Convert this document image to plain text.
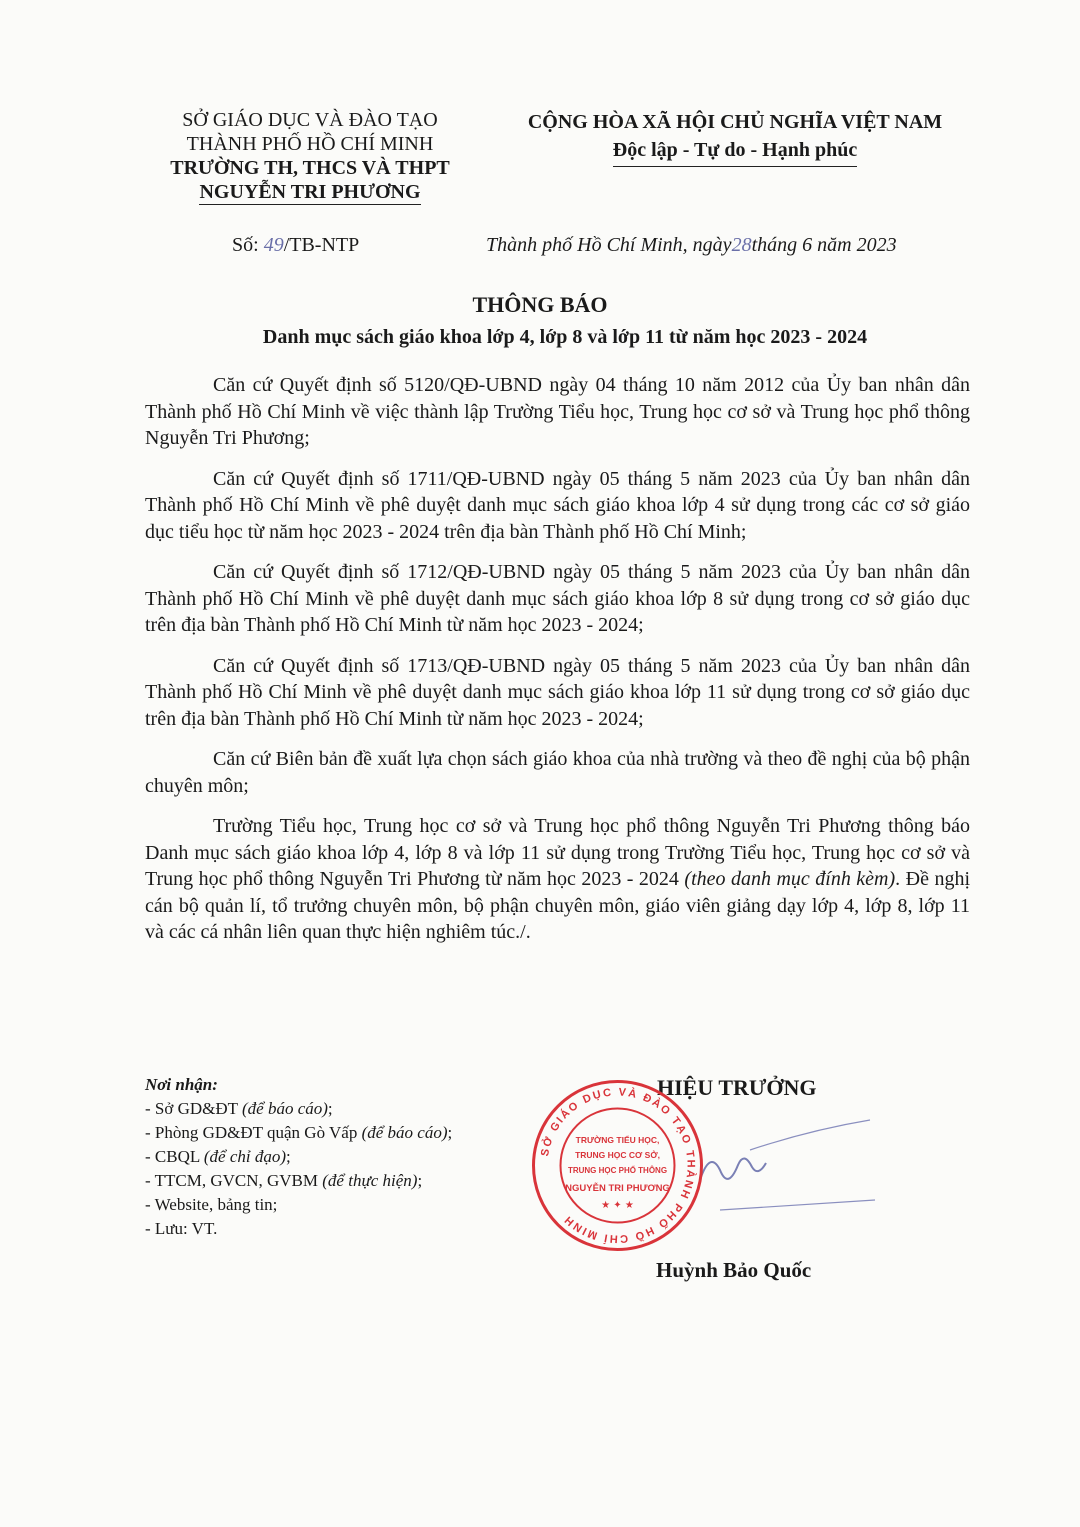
SỞ GIÁO DỤC VÀ ĐÀO TẠO
THÀNH PHỐ HỒ CHÍ MINH
TRƯỜNG TH, THCS VÀ THPT
NGUYỄN TRI PHƯƠNG
CỘNG HÒA XÃ HỘI CHỦ NGHĨA VIỆT NAM
Độc lập - Tự do - Hạnh phúc
Số: 49/TB-NTP	Thành phố Hồ Chí Minh, ngày28tháng 6 năm 2023
THÔNG BÁO
Danh mục sách giáo khoa lớp 4, lớp 8 và lớp 11 từ năm học 2023 - 2024

Căn cứ Quyết định số 5120/QĐ-UBND ngày 04 tháng 10 năm 2012 của Ủy ban nhân dân Thành phố Hồ Chí Minh về việc thành lập Trường Tiểu học, Trung học cơ sở và Trung học phổ thông Nguyễn Tri Phương;

Căn cứ Quyết định số 1711/QĐ-UBND ngày 05 tháng 5 năm 2023 của Ủy ban nhân dân Thành phố Hồ Chí Minh về phê duyệt danh mục sách giáo khoa lớp 4 sử dụng trong các cơ sở giáo dục tiểu học từ năm học 2023 - 2024 trên địa bàn Thành phố Hồ Chí Minh;

Căn cứ Quyết định số 1712/QĐ-UBND ngày 05 tháng 5 năm 2023 của Ủy ban nhân dân Thành phố Hồ Chí Minh về phê duyệt danh mục sách giáo khoa lớp 8 sử dụng trong cơ sở giáo dục trên địa bàn Thành phố Hồ Chí Minh từ năm học 2023 - 2024;

Căn cứ Quyết định số 1713/QĐ-UBND ngày 05 tháng 5 năm 2023 của Ủy ban nhân dân Thành phố Hồ Chí Minh về phê duyệt danh mục sách giáo khoa lớp 11 sử dụng trong cơ sở giáo dục trên địa bàn Thành phố Hồ Chí Minh từ năm học 2023 - 2024;

Căn cứ Biên bản đề xuất lựa chọn sách giáo khoa của nhà trường và theo đề nghị của bộ phận chuyên môn;

Trường Tiểu học, Trung học cơ sở và Trung học phổ thông Nguyễn Tri Phương thông báo Danh mục sách giáo khoa lớp 4, lớp 8 và lớp 11 sử dụng trong Trường Tiểu học, Trung học cơ sở và Trung học phổ thông Nguyễn Tri Phương từ năm học 2023 - 2024 (theo danh mục đính kèm). Đề nghị cán bộ quản lí, tổ trưởng chuyên môn, bộ phận chuyên môn, giáo viên giảng dạy lớp 4, lớp 8, lớp 11 và các cá nhân liên quan thực hiện nghiêm túc./.

Nơi nhận:
- Sở GD&ĐT (để báo cáo);
- Phòng GD&ĐT quận Gò Vấp (để báo cáo);
- CBQL (để chỉ đạo);
- TTCM, GVCN, GVBM (để thực hiện);
- Website, bảng tin;
- Lưu: VT.
HIỆU TRƯỞNG
SỞ GIÁO DỤC VÀ ĐÀO TẠO THÀNH PHỐ HỒ CHÍ MINH
TRƯỜNG TIỂU HỌC,
TRUNG HỌC CƠ SỞ,
TRUNG HỌC PHỔ THÔNG
NGUYỄN TRI PHƯƠNG
★ ✦ ★
Huỳnh Bảo Quốc
